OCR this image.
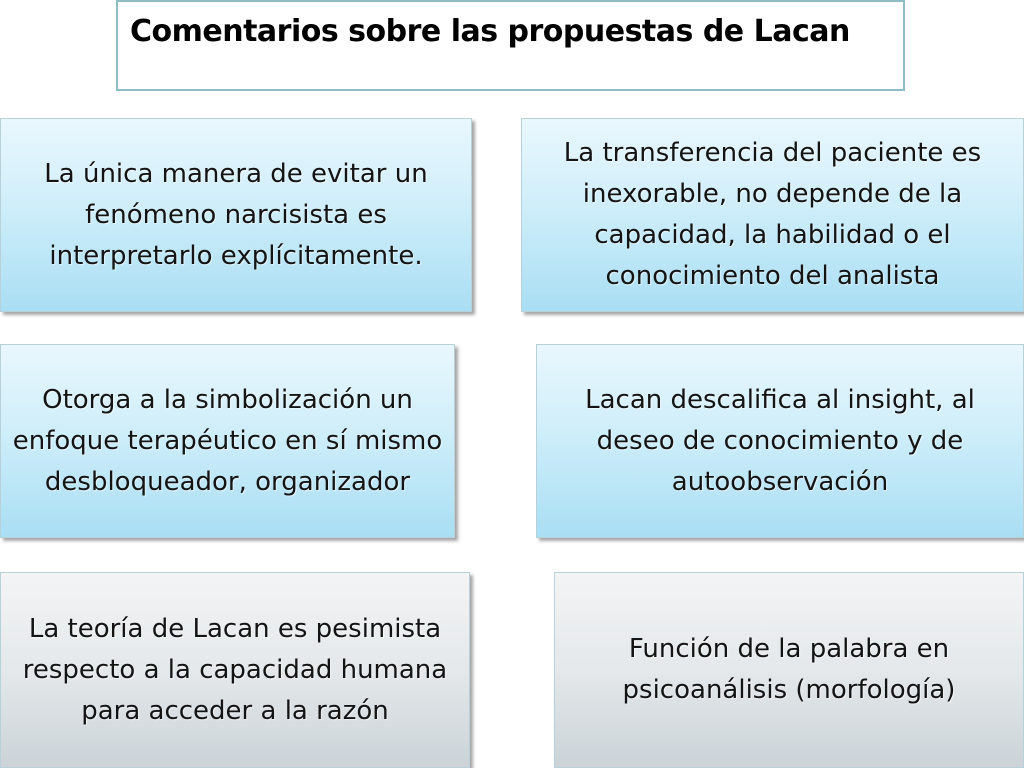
Comentarios sobre las propuestas de Lacan
La única manera de evitar un fenómeno narcisista es interpretarlo explícitamente.
La transferencia del paciente es inexorable, no depende de la capacidad, la habilidad o el conocimiento del analista
Otorga a la simbolización un enfoque terapéutico en sí mismo desbloqueador, organizador
Lacan descalifica al insight, al deseo de conocimiento y de autoobservación
La teoría de Lacan es pesimista respecto a la capacidad humana para acceder a la razón
Función de la palabra en psicoanálisis (morfología)
